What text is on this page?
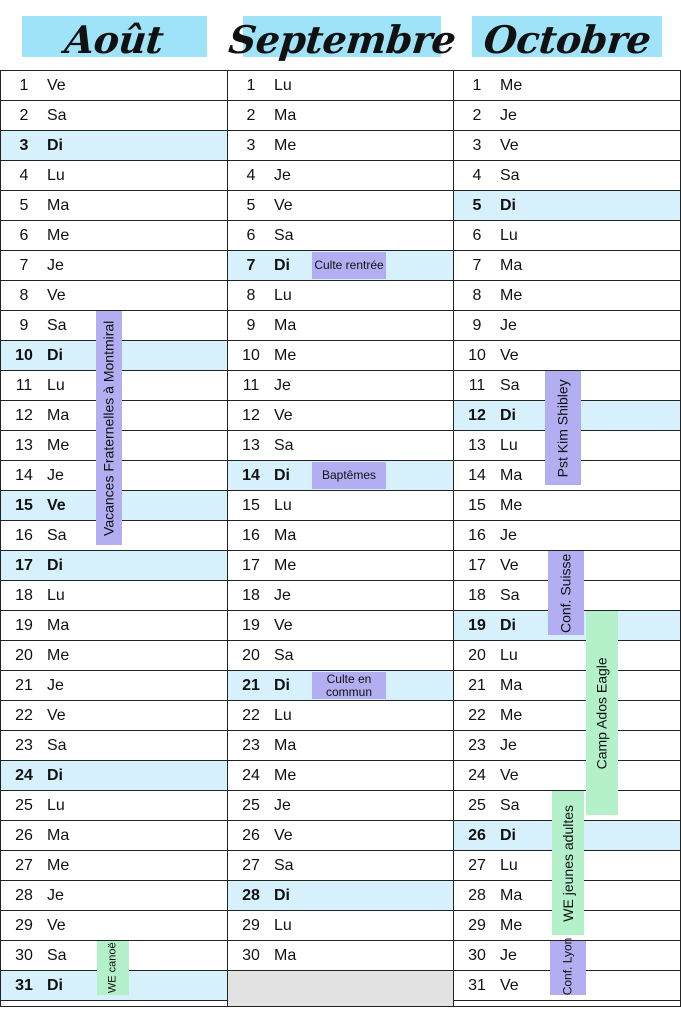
Août Septembre Octobre
1	Ve
2	Sa
3	Di
4	Lu
5	Ma
6	Me
7	Je
8	Ve
9	Sa
10 Di
11 Lu
12 Ma
13 Me
14 Je
15 Ve
16 Sa
17 Di
18 Lu
19 Ma
20 Me
21 Je
22 Ve
23 Sa
24 Di
25 Lu
26 Ma
27 Me
28 Je
29 Ve
30 Sa
31 Di
Vacances Fraternelles à Montmiral
WE canoë
1	Lu
2	Ma
3	Me
4	Je
5	Ve
6	Sa
7	Di
8	Lu
9	Ma
10 Me
11 Je
12 Ve
13 Sa
14 Di
15 Lu
16 Ma
17 Me
18 Je
19 Ve
20 Sa
21 Di
22 Lu
23 Ma
24 Me
25 Je
26 Ve
27 Sa
28 Di
29 Lu
30 Ma
Culte rentrée
Baptêmes
Culte en commun
1	Me
2	Je
3	Ve
4	Sa
5	Di
6	Lu
7	Ma
8	Me
9	Je
10 Ve
11 Sa
12 Di
13 Lu
14 Ma
15 Me
16 Je
17 Ve
18 Sa
19 Di
20 Lu
21 Ma
22 Me
23 Je
24 Ve
25 Sa
26 Di
27 Lu
28 Ma
29 Me
30 Je
31 Ve
Pst Kim Shibley
Conf. Suisse
Camp Ados Eagle
WE jeunes adultes
Conf. Lyon
